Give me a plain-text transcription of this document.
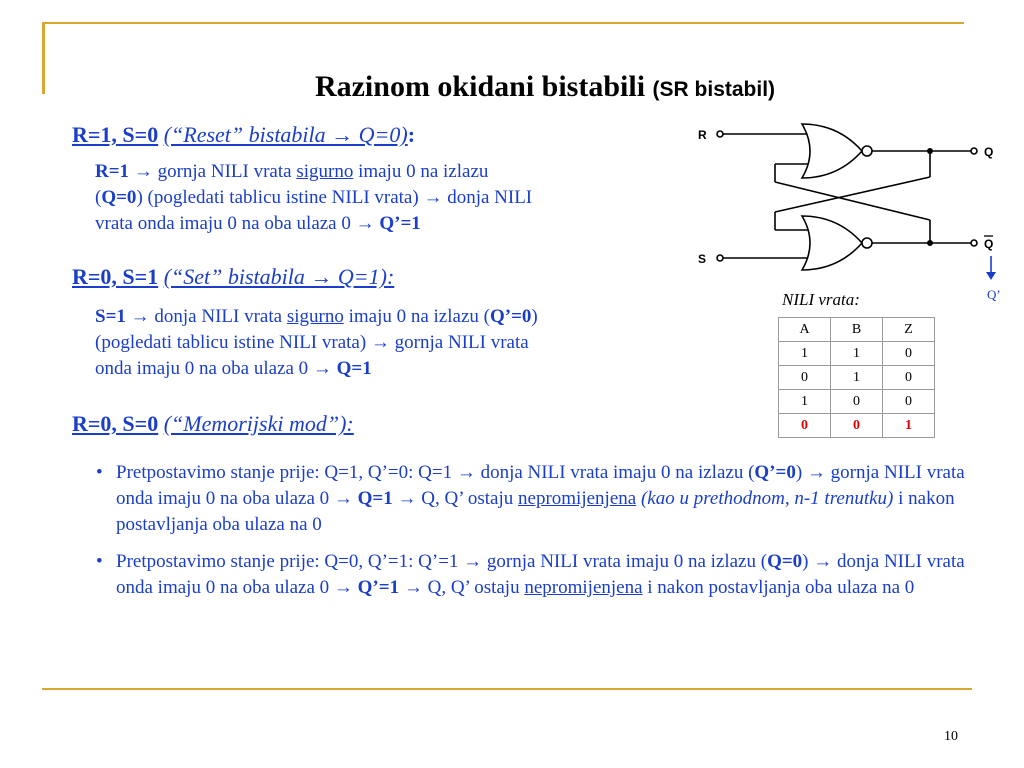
Razinom okidani bistabili (SR bistabil)
R=1, S=0 (“Reset” bistabila → Q=0):
R=1 → gornja NILI vrata sigurno imaju 0 na izlazu
(Q=0) (pogledati tablicu istine NILI vrata) → donja NILI
vrata onda imaju 0 na oba ulaza 0 → Q’=1
R=0, S=1 (“Set” bistabila → Q=1):
S=1 → donja NILI vrata sigurno imaju 0 na izlazu (Q’=0)
(pogledati tablicu istine NILI vrata) → gornja NILI vrata
onda imaju 0 na oba ulaza 0 → Q=1
R=0, S=0 (“Memorijski mod”):
• Pretpostavimo stanje prije: Q=1, Q’=0: Q=1 → donja NILI vrata imaju 0 na izlazu (Q’=0) → gornja NILI vrata onda imaju 0 na oba ulaza 0 → Q=1 → Q, Q’ ostaju nepromijenjena (kao u prethodnom, n-1 trenutku) i nakon postavljanja oba ulaza na 0
• Pretpostavimo stanje prije: Q=0, Q’=1: Q’=1 → gornja NILI vrata imaju 0 na izlazu (Q=0) → donja NILI vrata onda imaju 0 na oba ulaza 0 → Q’=1 → Q, Q’ ostaju nepromijenjena i nakon postavljanja oba ulaza na 0
R
S
Q
Q
Q’
NILI vrata:
A	B	Z
1	1	0
0	1	0
1	0	0
0	0	1
10
